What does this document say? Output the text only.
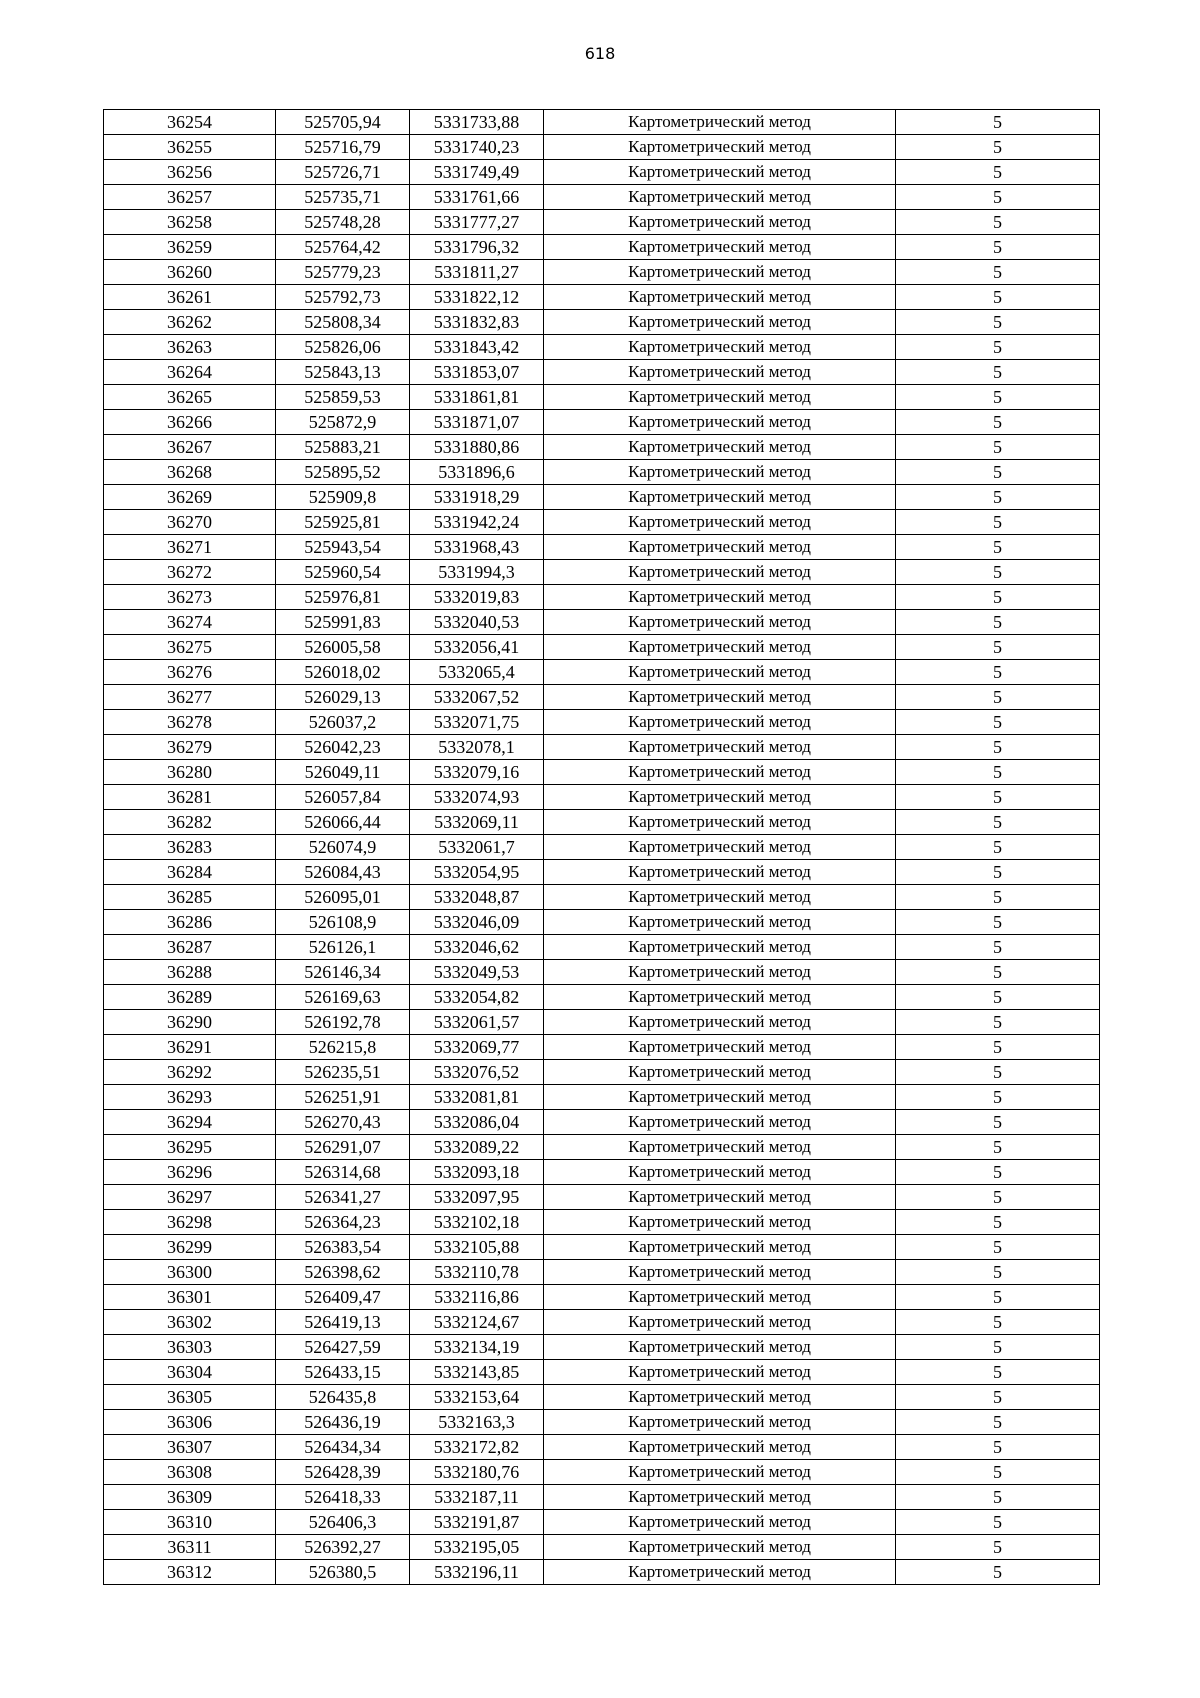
618
36254	525705,94	5331733,88	Картометрический метод	5
36255	525716,79	5331740,23	Картометрический метод	5
36256	525726,71	5331749,49	Картометрический метод	5
36257	525735,71	5331761,66	Картометрический метод	5
36258	525748,28	5331777,27	Картометрический метод	5
36259	525764,42	5331796,32	Картометрический метод	5
36260	525779,23	5331811,27	Картометрический метод	5
36261	525792,73	5331822,12	Картометрический метод	5
36262	525808,34	5331832,83	Картометрический метод	5
36263	525826,06	5331843,42	Картометрический метод	5
36264	525843,13	5331853,07	Картометрический метод	5
36265	525859,53	5331861,81	Картометрический метод	5
36266	525872,9	5331871,07	Картометрический метод	5
36267	525883,21	5331880,86	Картометрический метод	5
36268	525895,52	5331896,6	Картометрический метод	5
36269	525909,8	5331918,29	Картометрический метод	5
36270	525925,81	5331942,24	Картометрический метод	5
36271	525943,54	5331968,43	Картометрический метод	5
36272	525960,54	5331994,3	Картометрический метод	5
36273	525976,81	5332019,83	Картометрический метод	5
36274	525991,83	5332040,53	Картометрический метод	5
36275	526005,58	5332056,41	Картометрический метод	5
36276	526018,02	5332065,4	Картометрический метод	5
36277	526029,13	5332067,52	Картометрический метод	5
36278	526037,2	5332071,75	Картометрический метод	5
36279	526042,23	5332078,1	Картометрический метод	5
36280	526049,11	5332079,16	Картометрический метод	5
36281	526057,84	5332074,93	Картометрический метод	5
36282	526066,44	5332069,11	Картометрический метод	5
36283	526074,9	5332061,7	Картометрический метод	5
36284	526084,43	5332054,95	Картометрический метод	5
36285	526095,01	5332048,87	Картометрический метод	5
36286	526108,9	5332046,09	Картометрический метод	5
36287	526126,1	5332046,62	Картометрический метод	5
36288	526146,34	5332049,53	Картометрический метод	5
36289	526169,63	5332054,82	Картометрический метод	5
36290	526192,78	5332061,57	Картометрический метод	5
36291	526215,8	5332069,77	Картометрический метод	5
36292	526235,51	5332076,52	Картометрический метод	5
36293	526251,91	5332081,81	Картометрический метод	5
36294	526270,43	5332086,04	Картометрический метод	5
36295	526291,07	5332089,22	Картометрический метод	5
36296	526314,68	5332093,18	Картометрический метод	5
36297	526341,27	5332097,95	Картометрический метод	5
36298	526364,23	5332102,18	Картометрический метод	5
36299	526383,54	5332105,88	Картометрический метод	5
36300	526398,62	5332110,78	Картометрический метод	5
36301	526409,47	5332116,86	Картометрический метод	5
36302	526419,13	5332124,67	Картометрический метод	5
36303	526427,59	5332134,19	Картометрический метод	5
36304	526433,15	5332143,85	Картометрический метод	5
36305	526435,8	5332153,64	Картометрический метод	5
36306	526436,19	5332163,3	Картометрический метод	5
36307	526434,34	5332172,82	Картометрический метод	5
36308	526428,39	5332180,76	Картометрический метод	5
36309	526418,33	5332187,11	Картометрический метод	5
36310	526406,3	5332191,87	Картометрический метод	5
36311	526392,27	5332195,05	Картометрический метод	5
36312	526380,5	5332196,11	Картометрический метод	5
